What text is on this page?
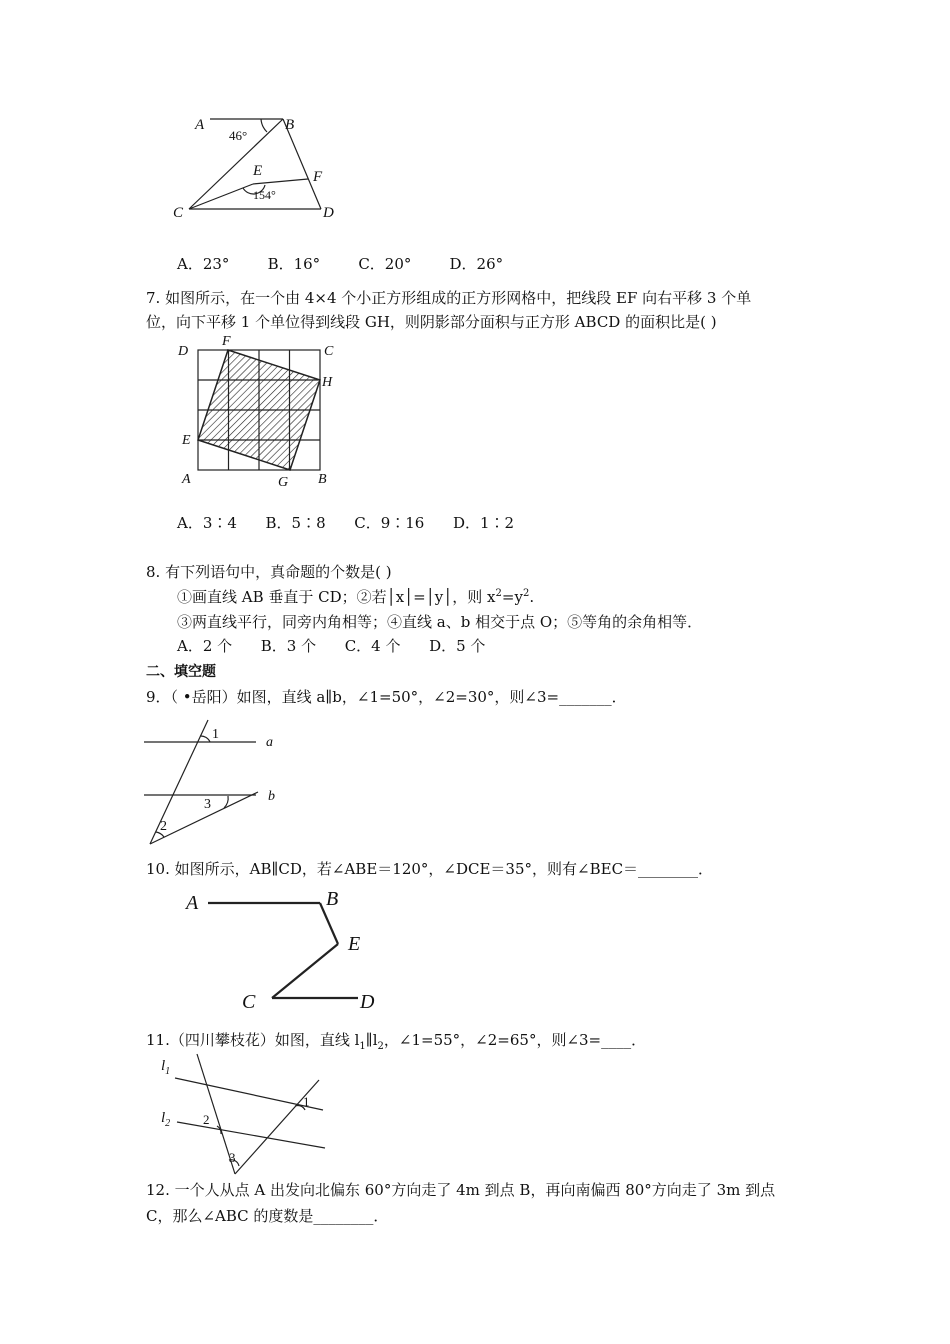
A	B
C	D
E	F
46°
154°
A．23°        B．16°        C．20°        D．26°
7. 如图所示，在一个由 4×4 个小正方形组成的正方形网格中，把线段 EF 向右平移 3 个单
位，向下平移 1 个单位得到线段 GH，则阴影部分面积与正方形 ABCD 的面积比是( )
D
F
C
H
E
A	G B
A．3∶4      B．5∶8      C．9∶16      D．1∶2
8. 有下列语句中，真命题的个数是( )
①画直线 AB 垂直于 CD；②若│x│=│y│，则 $x^2=y^2$.
③两直线平行，同旁内角相等；④直线 a、b 相交于点 O；⑤等角的余角相等．
A．2 个      B．3 个      C．4 个      D．5 个
二、填空题
9．（ •岳阳）如图，直线 a∥b，∠1=50°，∠2=30°，则∠3=_______．
1
3
2
a
b
10. 如图所示，AB∥CD，若∠ABE＝120°，∠DCE＝35°，则有∠BEC＝________．
A	B
E
C	D
11.（四川攀枝花）如图，直线 $l_1\parallel l_2$，∠1=55°，∠2=65°，则∠3=____．
$l_1$
$l_2$
1
2
3
12. 一个人从点 A 出发向北偏东 60°方向走了 4m 到点 B，再向南偏西 80°方向走了 3m 到点
C，那么∠ABC 的度数是________．
